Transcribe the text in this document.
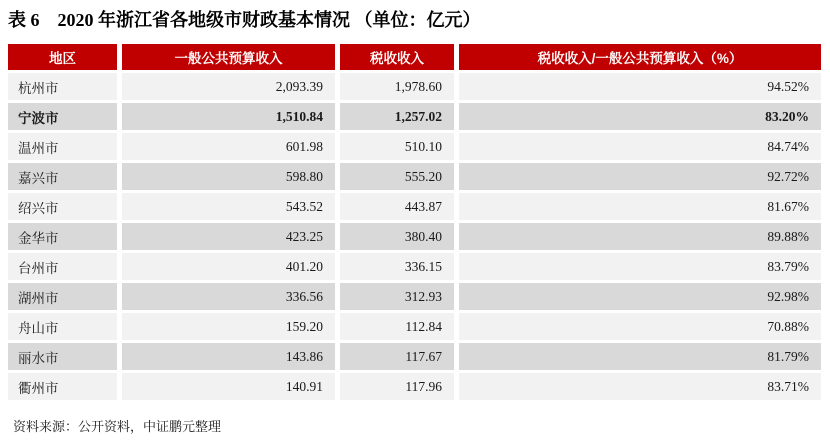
表 6　2020 年浙江省各地级市财政基本情况 （单位：亿元）
地区	一般公共预算收入	税收收入	税收收入/一般公共预算收入（%）
杭州市	2,093.39	1,978.60	94.52%
宁波市	1,510.84	1,257.02	83.20%
温州市	601.98	510.10	84.74%
嘉兴市	598.80	555.20	92.72%
绍兴市	543.52	443.87	81.67%
金华市	423.25	380.40	89.88%
台州市	401.20	336.15	83.79%
湖州市	336.56	312.93	92.98%
舟山市	159.20	112.84	70.88%
丽水市	143.86	117.67	81.79%
衢州市	140.91	117.96	83.71%
资料来源：公开资料，中证鹏元整理
